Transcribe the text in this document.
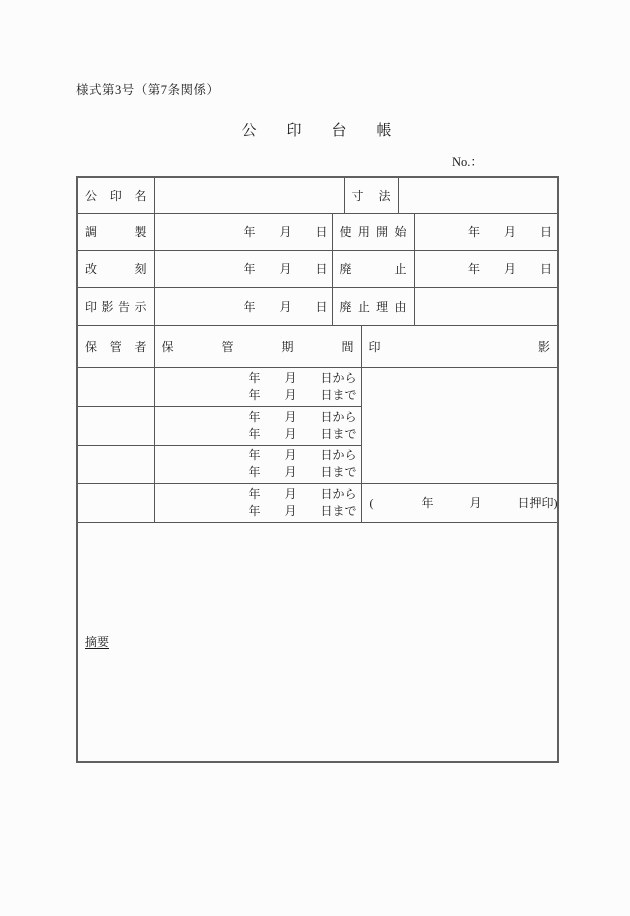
様式第3号（第7条関係）
公　　印　　台　　帳
No.：
公印名			寸法			
調製	年　　月　　日	使用開始				年　　月　　日
改刻	年　　月　　日	廃止				年　　月　　日
印影告示	年　　月　　日	廃止理由				
保管者	保管期間			印影		

	年　　月　　日から
年　　月　　日まで					

	年　　月　　日から
年　　月　　日まで					

	年　　月　　日から
年　　月　　日まで					

	年　　月　　日から
年　　月　　日まで			(　　　　年　　　月　　　日押印)		
摘要						
